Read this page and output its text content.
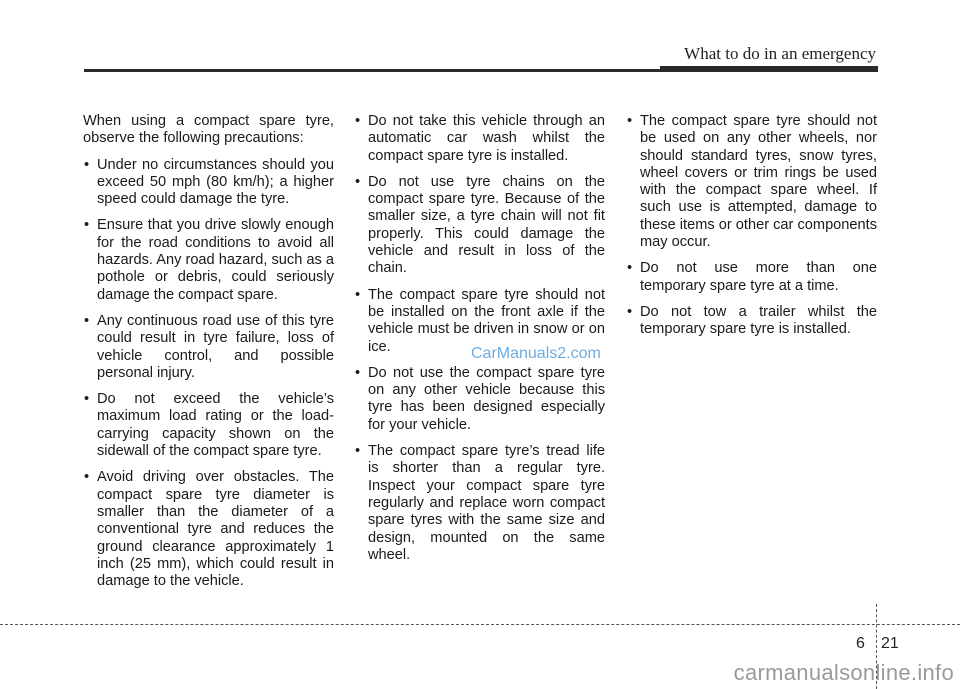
What to do in an emergency

When using a compact spare tyre, observe the following precautions:

• Under no circumstances should you exceed 50 mph (80 km/h); a higher speed could damage the tyre.
• Ensure that you drive slowly enough for the road conditions to avoid all hazards. Any road hazard, such as a pothole or debris, could seriously damage the compact spare.
• Any continuous road use of this tyre could result in tyre failure, loss of vehicle control, and possible personal injury.
• Do not exceed the vehicle’s maximum load rating or the load-carrying capacity shown on the sidewall of the compact spare tyre.
• Avoid driving over obstacles. The compact spare tyre diameter is smaller than the diameter of a conventional tyre and reduces the ground clearance approximately 1 inch (25 mm), which could result in damage to the vehicle.
• Do not take this vehicle through an automatic car wash whilst the compact spare tyre is installed.
• Do not use tyre chains on the compact spare tyre. Because of the smaller size, a tyre chain will not fit properly. This could damage the vehicle and result in loss of the chain.
• The compact spare tyre should not be installed on the front axle if the vehicle must be driven in snow or on ice.
• Do not use the compact spare tyre on any other vehicle because this tyre has been designed especially for your vehicle.
• The compact spare tyre’s tread life is shorter than a regular tyre. Inspect your compact spare tyre regularly and replace worn compact spare tyres with the same size and design, mounted on the same wheel.
• The compact spare tyre should not be used on any other wheels, nor should standard tyres, snow tyres, wheel covers or trim rings be used with the compact spare wheel. If such use is attempted, damage to these items or other car components may occur.
• Do not use more than one temporary spare tyre at a time.
• Do not tow a trailer whilst the temporary spare tyre is installed.
CarManuals2.com
6 21
carmanualsonline.info
